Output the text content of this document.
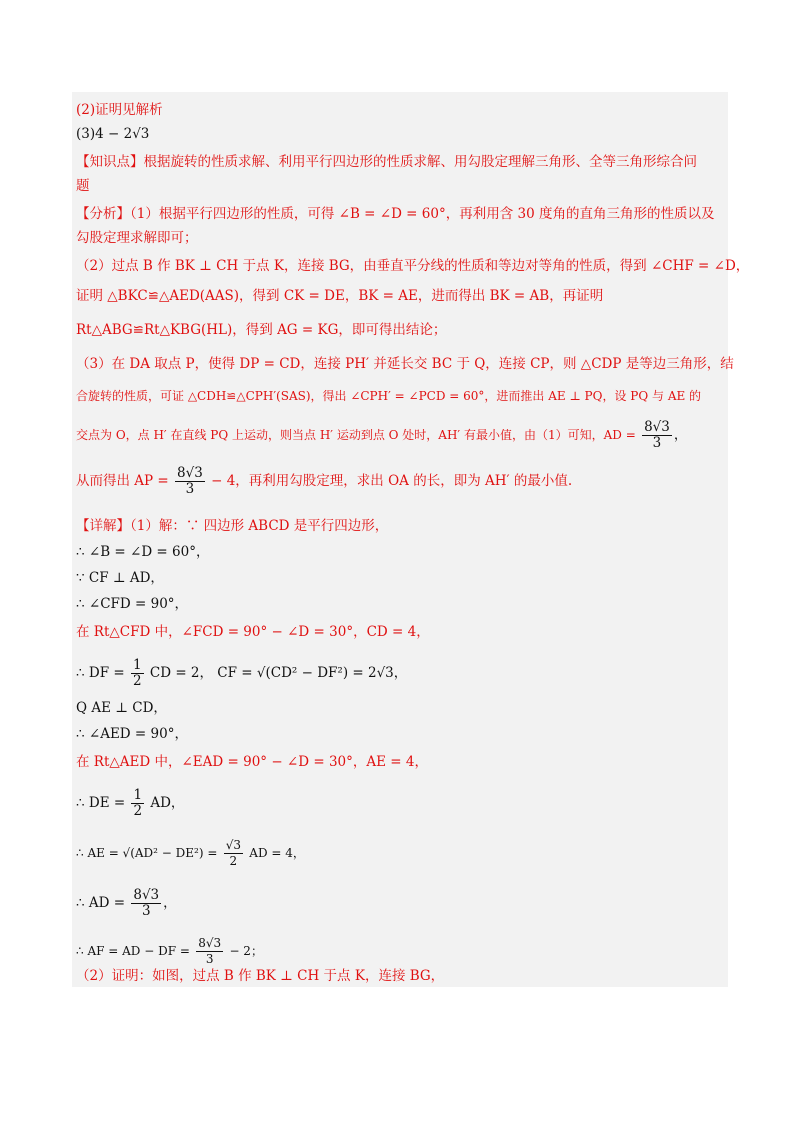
(2)证明见解析
(3)4 − 2√3
【知识点】根据旋转的性质求解、利用平行四边形的性质求解、用勾股定理解三角形、全等三角形综合问
题
【分析】（1）根据平行四边形的性质，可得 ∠B = ∠D = 60°，再利用含 30 度角的直角三角形的性质以及
勾股定理求解即可；
（2）过点 B 作 BK ⊥ CH 于点 K，连接 BG，由垂直平分线的性质和等边对等角的性质，得到 ∠CHF = ∠D，
证明 △BKC≌△AED(AAS)，得到 CK = DE，BK = AE，进而得出 BK = AB，再证明
Rt△ABG≌Rt△KBG(HL)，得到 AG = KG，即可得出结论；
（3）在 DA 取点 P，使得 DP = CD，连接 PH′ 并延长交 BC 于 Q，连接 CP，则 △CDP 是等边三角形，结
合旋转的性质，可证 △CDH≌△CPH′(SAS)，得出 ∠CPH′ = ∠PCD = 60°，进而推出 AE ⊥ PQ，设 PQ 与 AE 的
交点为 O，点 H′ 在直线 PQ 上运动，则当点 H′ 运动到点 O 处时，AH′ 有最小值，由（1）可知，AD = $\frac{8√3}{3}$ ，
从而得出 AP = $\frac{8√3}{3} - 4$，再利用勾股定理，求出 OA 的长，即为 AH′ 的最小值.
【详解】（1）解：∵ 四边形 ABCD 是平行四边形，
∴ ∠B = ∠D = 60°，
∵ CF ⊥ AD，
∴ ∠CFD = 90°，
在 Rt△CFD 中，∠FCD = 90° − ∠D = 30°，CD = 4，
∴ DF = $\frac{1}{2}$ CD = 2， CF = √(CD² − DF²) = 2√3，
Q AE ⊥ CD，
∴ ∠AED = 90°，
在 Rt△AED 中，∠EAD = 90° − ∠D = 30°，AE = 4，
∴ DE = $\frac{1}{2}$ AD，
∴ AE = $√(AD^2 - DE^2) = \frac{√3}{2}$ AD = 4，
∴ AD = $\frac{8√3}{3}$ ，
∴ AF = AD − DF = $\frac{8√3}{3} - 2$；
（2）证明：如图，过点 B 作 BK ⊥ CH 于点 K，连接 BG，
